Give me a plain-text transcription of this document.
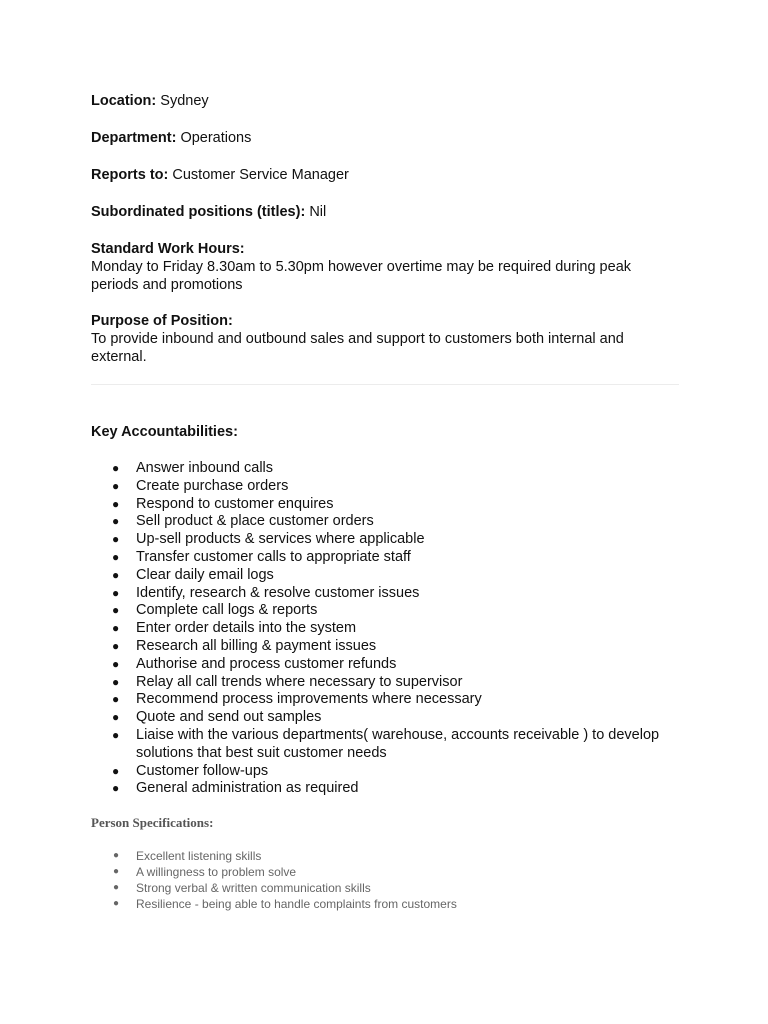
Location: Sydney

Department: Operations

Reports to: Customer Service Manager

Subordinated positions (titles): Nil

Standard Work Hours:
Monday to Friday 8.30am to 5.30pm however overtime may be required during peak periods and promotions
Purpose of Position:
To provide inbound and outbound sales and support to customers both internal and external.
Key Accountabilities:
● Answer inbound calls
● Create purchase orders
● Respond to customer enquires
● Sell product & place customer orders
● Up-sell products & services where applicable
● Transfer customer calls to appropriate staff
● Clear daily email logs
● Identify, research & resolve customer issues
● Complete call logs & reports
● Enter order details into the system
● Research all billing & payment issues
● Authorise and process customer refunds
● Relay all call trends where necessary to supervisor
● Recommend process improvements where necessary
● Quote and send out samples
● Liaise with the various departments( warehouse, accounts receivable ) to develop solutions that best suit customer needs
● Customer follow-ups
● General administration as required
Person Specifications:
● Excellent listening skills
● A willingness to problem solve
● Strong verbal & written communication skills
● Resilience - being able to handle complaints from customers
